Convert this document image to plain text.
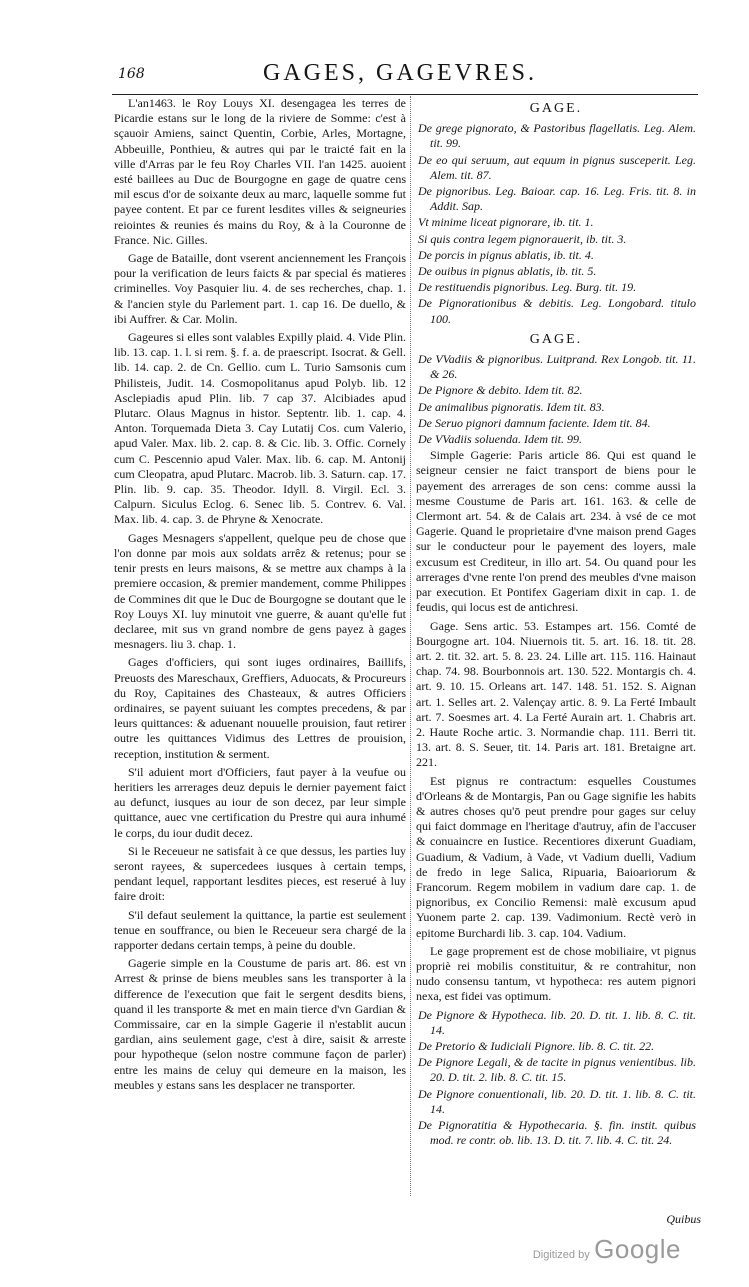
168	GAGES, GAGEVRES.

L'an1463. le Roy Louys XI. desengagea les terres de Picardie estans sur le long de la riviere de Somme: c'est à sçauoir Amiens, sainct Quentin, Corbie, Arles, Mortagne, Abbeuille, Ponthieu, & autres qui par le traicté fait en la ville d'Arras par le feu Roy Charles VII. l'an 1425. auoient esté baillees au Duc de Bourgogne en gage de quatre cens mil escus d'or de soixante deux au marc, laquelle somme fut payee content. Et par ce furent lesdites villes & seigneuries reiointes & reunies és mains du Roy, & à la Couronne de France. Nic. Gilles.

Gage de Bataille, dont vserent anciennement les François pour la verification de leurs faicts & par special és matieres criminelles. Voy Pasquier liu. 4. de ses recherches, chap. 1. & l'ancien style du Parlement part. 1. cap 16. De duello, & ibi Auffrer. & Car. Molin.

Gageures si elles sont valables Expilly plaid. 4. Vide Plin. lib. 13. cap. 1. l. si rem. §. f. a. de praescript. Isocrat. & Gell. lib. 14. cap. 2. de Cn. Gellio. cum L. Turio Samsonis cum Philisteis, Judit. 14. Cosmopolitanus apud Polyb. lib. 12 Asclepiadis apud Plin. lib. 7 cap 37. Alcibiades apud Plutarc. Olaus Magnus in histor. Septentr. lib. 1. cap. 4. Anton. Torquemada Dieta 3. Cay Lutatij Cos. cum Valerio, apud Valer. Max. lib. 2. cap. 8. & Cic. lib. 3. Offic. Cornely cum C. Pescennio apud Valer. Max. lib. 6. cap. M. Antonij cum Cleopatra, apud Plutarc. Macrob. lib. 3. Saturn. cap. 17. Plin. lib. 9. cap. 35. Theodor. Idyll. 8. Virgil. Ecl. 3. Calpurn. Siculus Eclog. 6. Senec lib. 5. Contrev. 6. Val. Max. lib. 4. cap. 3. de Phryne & Xenocrate.

Gages Mesnagers s'appellent, quelque peu de chose que l'on donne par mois aux soldats arrêz & retenus; pour se tenir prests en leurs maisons, & se mettre aux champs à la premiere occasion, & premier mandement, comme Philippes de Commines dit que le Duc de Bourgogne se doutant que le Roy Louys XI. luy minutoit vne guerre, & auant qu'elle fut declaree, mit sus vn grand nombre de gens payez à gages mesnagers. liu 3. chap. 1.

Gages d'officiers, qui sont iuges ordinaires, Baillifs, Preuosts des Mareschaux, Greffiers, Aduocats, & Procureurs du Roy, Capitaines des Chasteaux, & autres Officiers ordinaires, se payent suiuant les comptes precedens, & par leurs quittances: & aduenant nouuelle prouision, faut retirer outre les quittances Vidimus des Lettres de prouision, reception, institution & serment.

S'il aduient mort d'Officiers, faut payer à la veufue ou heritiers les arrerages deuz depuis le dernier payement faict au defunct, iusques au iour de son decez, par leur simple quittance, auec vne certification du Prestre qui aura inhumé le corps, du iour dudit decez.

Si le Receueur ne satisfait à ce que dessus, les parties luy seront rayees, & supercedees iusques à certain temps, pendant lequel, rapportant lesdites pieces, est reserué à luy faire droit:

S'il defaut seulement la quittance, la partie est seulement tenue en souffrance, ou bien le Receueur sera chargé de la rapporter dedans certain temps, à peine du double.

Gagerie simple en la Coustume de paris art. 86. est vn Arrest & prinse de biens meubles sans les transporter à la difference de l'execution que fait le sergent desdits biens, quand il les transporte & met en main tierce d'vn Gardian & Commissaire, car en la simple Gagerie il n'establit aucun gardian, ains seulement gage, c'est à dire, saisit & arreste pour hypotheque (selon nostre commune façon de parler) entre les mains de celuy qui demeure en la maison, les meubles y estans sans les desplacer ne transporter.

GAGE.

De grege pignorato, & Pastoribus flagellatis. Leg. Alem. tit. 99.

De eo qui seruum, aut equum in pignus susceperit. Leg. Alem. tit. 87.

De pignoribus. Leg. Baioar. cap. 16. Leg. Fris. tit. 8. in Addit. Sap.

Vt minime liceat pignorare, ib. tit. 1.

Si quis contra legem pignorauerit, ib. tit. 3.

De porcis in pignus ablatis, ib. tit. 4.

De ouibus in pignus ablatis, ib. tit. 5.

De restituendis pignoribus. Leg. Burg. tit. 19.

De Pignorationibus & debitis. Leg. Longobard. titulo 100.

GAGE.

De VVadiis & pignoribus. Luitprand. Rex Longob. tit. 11. & 26.

De Pignore & debito. Idem tit. 82.

De animalibus pignoratis. Idem tit. 83.

De Seruo pignori damnum faciente. Idem tit. 84.

De VVadiis soluenda. Idem tit. 99.

Simple Gagerie: Paris article 86. Qui est quand le seigneur censier ne faict transport de biens pour le payement des arrerages de son cens: comme aussi la mesme Coustume de Paris art. 161. 163. & celle de Clermont art. 54. & de Calais art. 234. à vsé de ce mot Gagerie. Quand le proprietaire d'vne maison prend Gages sur le conducteur pour le payement des loyers, male excusum est Crediteur, in illo art. 54. Ou quand pour les arrerages d'vne rente l'on prend des meubles d'vne maison par execution. Et Pontifex Gageriam dixit in cap. 1. de feudis, qui locus est de antichresi.

Gage. Sens artic. 53. Estampes art. 156. Comté de Bourgogne art. 104. Niuernois tit. 5. art. 16. 18. tit. 28. art. 2. tit. 32. art. 5. 8. 23. 24. Lille art. 115. 116. Hainaut chap. 74. 98. Bourbonnois art. 130. 522. Montargis ch. 4. art. 9. 10. 15. Orleans art. 147. 148. 51. 152. S. Aignan art. 1. Selles art. 2. Valençay artic. 8. 9. La Ferté Imbault art. 7. Soesmes art. 4. La Ferté Aurain art. 1. Chabris art. 2. Haute Roche artic. 3. Normandie chap. 111. Berri tit. 13. art. 8. S. Seuer, tit. 14. Paris art. 181. Bretaigne art. 221.

Est pignus re contractum: esquelles Coustumes d'Orleans & de Montargis, Pan ou Gage signifie les habits & autres choses qu'ō peut prendre pour gages sur celuy qui faict dommage en l'heritage d'autruy, afin de l'accuser & conuaincre en Iustice. Recentiores dixerunt Guadiam, Guadium, & Vadium, à Vade, vt Vadium duelli, Vadium de fredo in lege Salica, Ripuaria, Baioariorum & Francorum. Regem mobilem in vadium dare cap. 1. de pignoribus, ex Concilio Remensi: malè excusum apud Yuonem parte 2. cap. 139. Vadimonium. Rectè verò in epitome Burchardi lib. 3. cap. 104. Vadium.

Le gage proprement est de chose mobiliaire, vt pignus propriè rei mobilis constituitur, & re contrahitur, non nudo consensu tantum, vt hypotheca: res autem pignori nexa, est fidei vas optimum.

De Pignore & Hypotheca. lib. 20. D. tit. 1. lib. 8. C. tit. 14.

De Pretorio & Iudiciali Pignore. lib. 8. C. tit. 22.

De Pignore Legali, & de tacite in pignus venientibus. lib. 20. D. tit. 2. lib. 8. C. tit. 15.

De Pignore conuentionali, lib. 20. D. tit. 1. lib. 8. C. tit. 14.

De Pignoratitia & Hypothecaria. §. fin. instit. quibus mod. re contr. ob. lib. 13. D. tit. 7. lib. 4. C. tit. 24.

Quibus
Digitized by Google
